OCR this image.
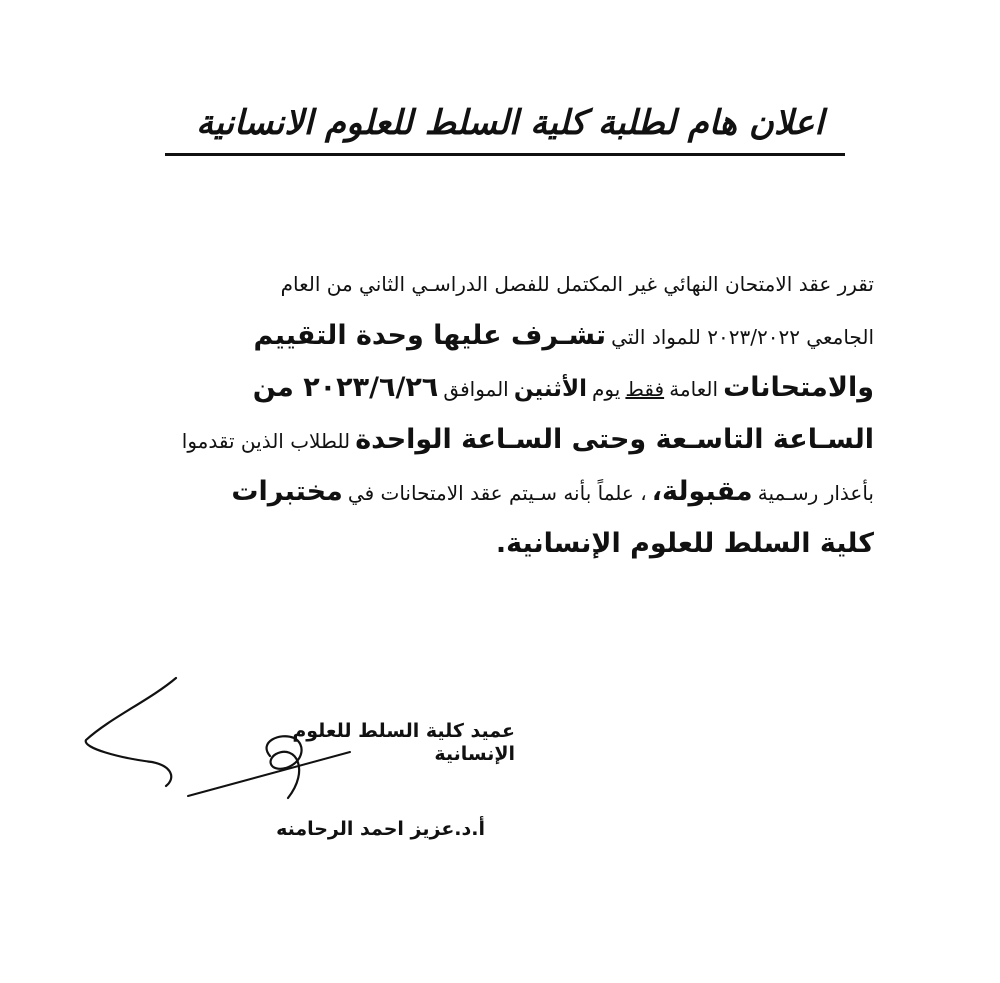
اعلان هام لطلبة كلية السلط للعلوم الانسانية
تقرر عقد الامتحان النهائي غير المكتمل للفصل الدراسـي الثاني من العام
الجامعي ٢٠٢٣/٢٠٢٢ للمواد التي تشـرف عليها وحدة التقييم
والامتحانات العامة فقط يوم الأثنين الموافق ٢٠٢٣/٦/٢٦ من
السـاعة التاسـعة وحتى السـاعة الواحدة للطلاب الذين تقدموا
بأعذار رسـمية مقبولة، ، علماً بأنه سـيتم عقد الامتحانات في مختبرات
كلية السلط للعلوم الإنسانية.
عميد كلية السلط للعلوم الإنسانية
أ.د.عزيز احمد الرحامنه
